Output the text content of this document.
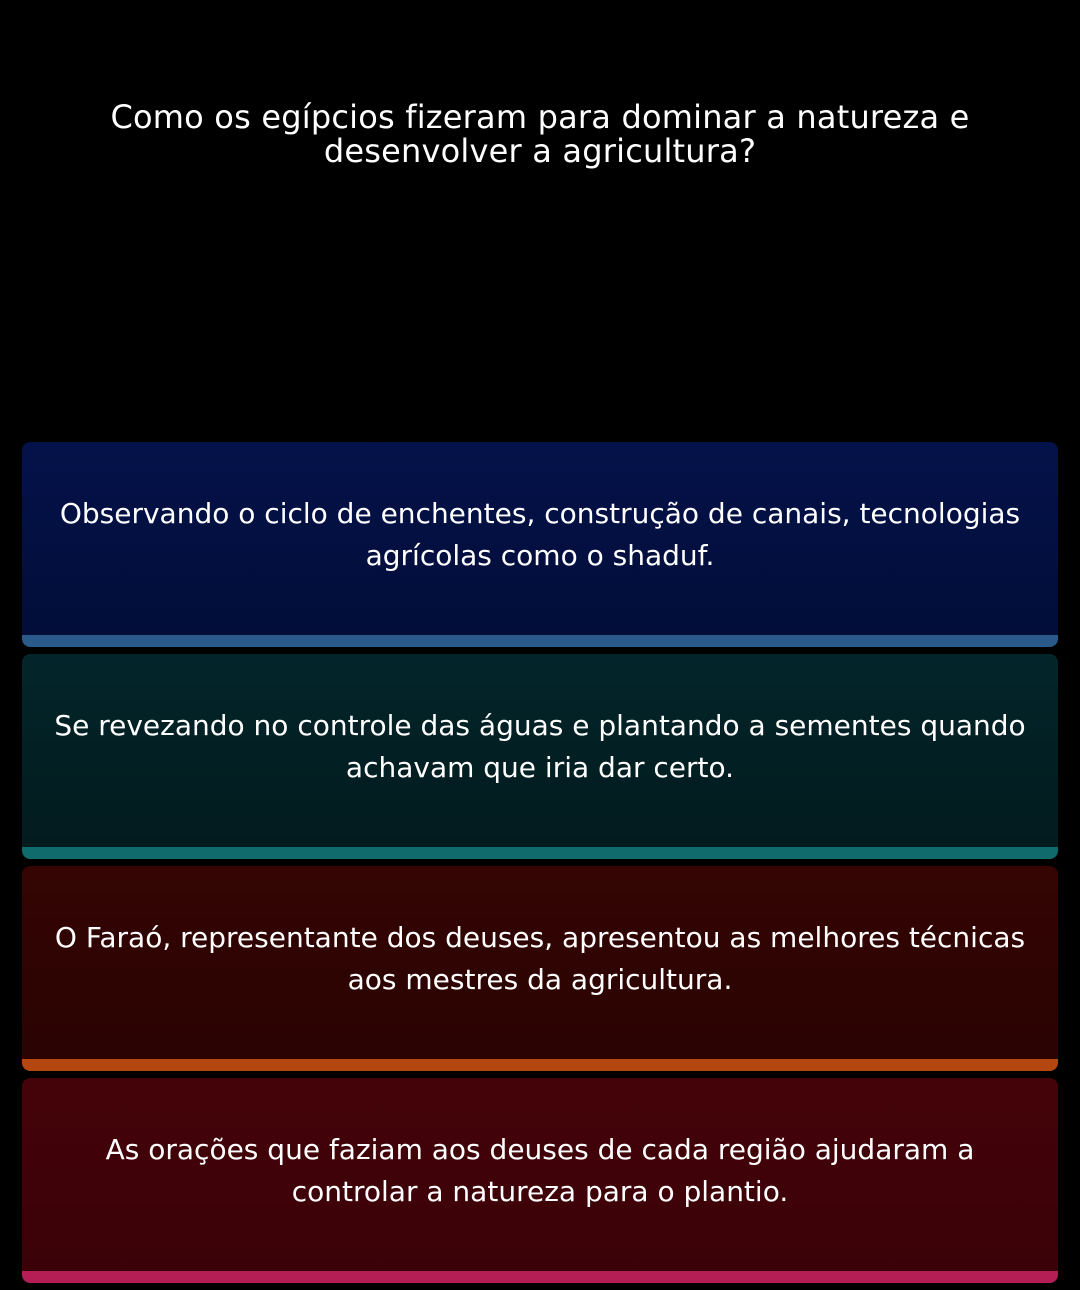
Como os egípcios fizeram para dominar a natureza e desenvolver a agricultura?
Observando o ciclo de enchentes, construção de canais, tecnologias agrícolas como o shaduf.
Se revezando no controle das águas e plantando a sementes quando achavam que iria dar certo.
O Faraó, representante dos deuses, apresentou as melhores técnicas aos mestres da agricultura.
As orações que faziam aos deuses de cada região ajudaram a controlar a natureza para o plantio.
